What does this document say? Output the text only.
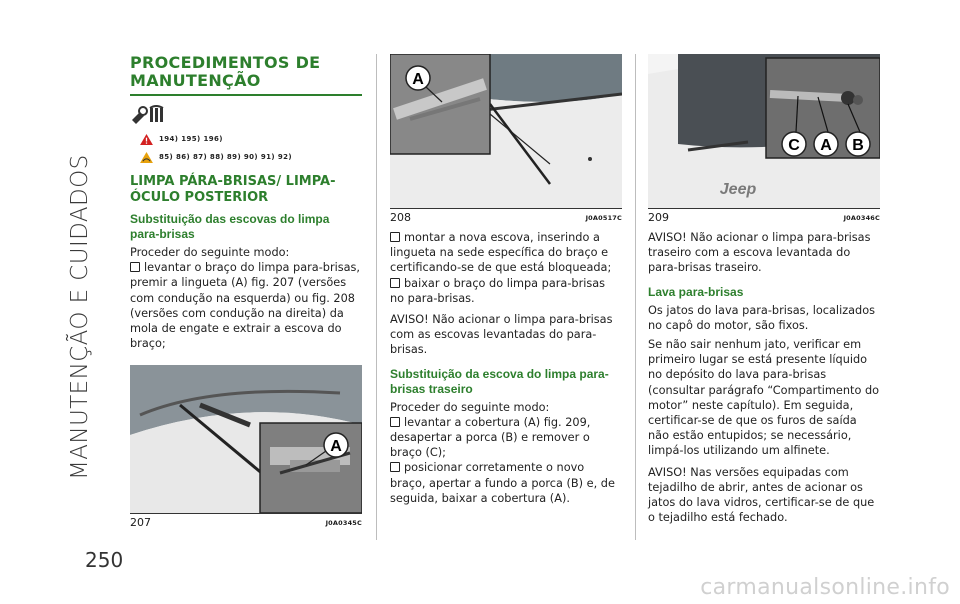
MANUTENÇÃO E CUIDADOS
250
PROCEDIMENTOS DE MANUTENÇÃO
194) 195) 196)
85) 86) 87) 88) 89) 90) 91) 92)
LIMPA PÁRA-BRISAS/ LIMPA-ÓCULO POSTERIOR
Substituição das escovas do limpa para-brisas

Proceder do seguinte modo:

levantar o braço do limpa para-brisas, premir a lingueta (A) fig. 207 (versões com condução na esquerda) ou fig. 208 (versões com condução na direita) da mola de engate e extrair a escova do braço;

A
207	J0A0345C
A
208	J0A0517C

montar a nova escova, inserindo a lingueta na sede específica do braço e certificando-se de que está bloqueada;

baixar o braço do limpa para-brisas no para-brisas.

AVISO! Não acionar o limpa para-brisas com as escovas levantadas do para-brisas.

Substituição da escova do limpa para-brisas traseiro

Proceder do seguinte modo:

levantar a cobertura (A) fig. 209, desapertar a porca (B) e remover o braço (C);

posicionar corretamente o novo braço, apertar a fundo a porca (B) e, de seguida, baixar a cobertura (A).

Jeep
C A B
209	J0A0346C

AVISO! Não acionar o limpa para-brisas traseiro com a escova levantada do para-brisas traseiro.

Lava para-brisas

Os jatos do lava para-brisas, localizados no capô do motor, são fixos.

Se não sair nenhum jato, verificar em primeiro lugar se está presente líquido no depósito do lava para-brisas (consultar parágrafo “Compartimento do motor” neste capítulo). Em seguida, certificar-se de que os furos de saída não estão entupidos; se necessário, limpá-los utilizando um alfinete.

AVISO! Nas versões equipadas com tejadilho de abrir, antes de acionar os jatos do lava vidros, certificar-se de que o tejadilho está fechado.

carmanualsonline.info
